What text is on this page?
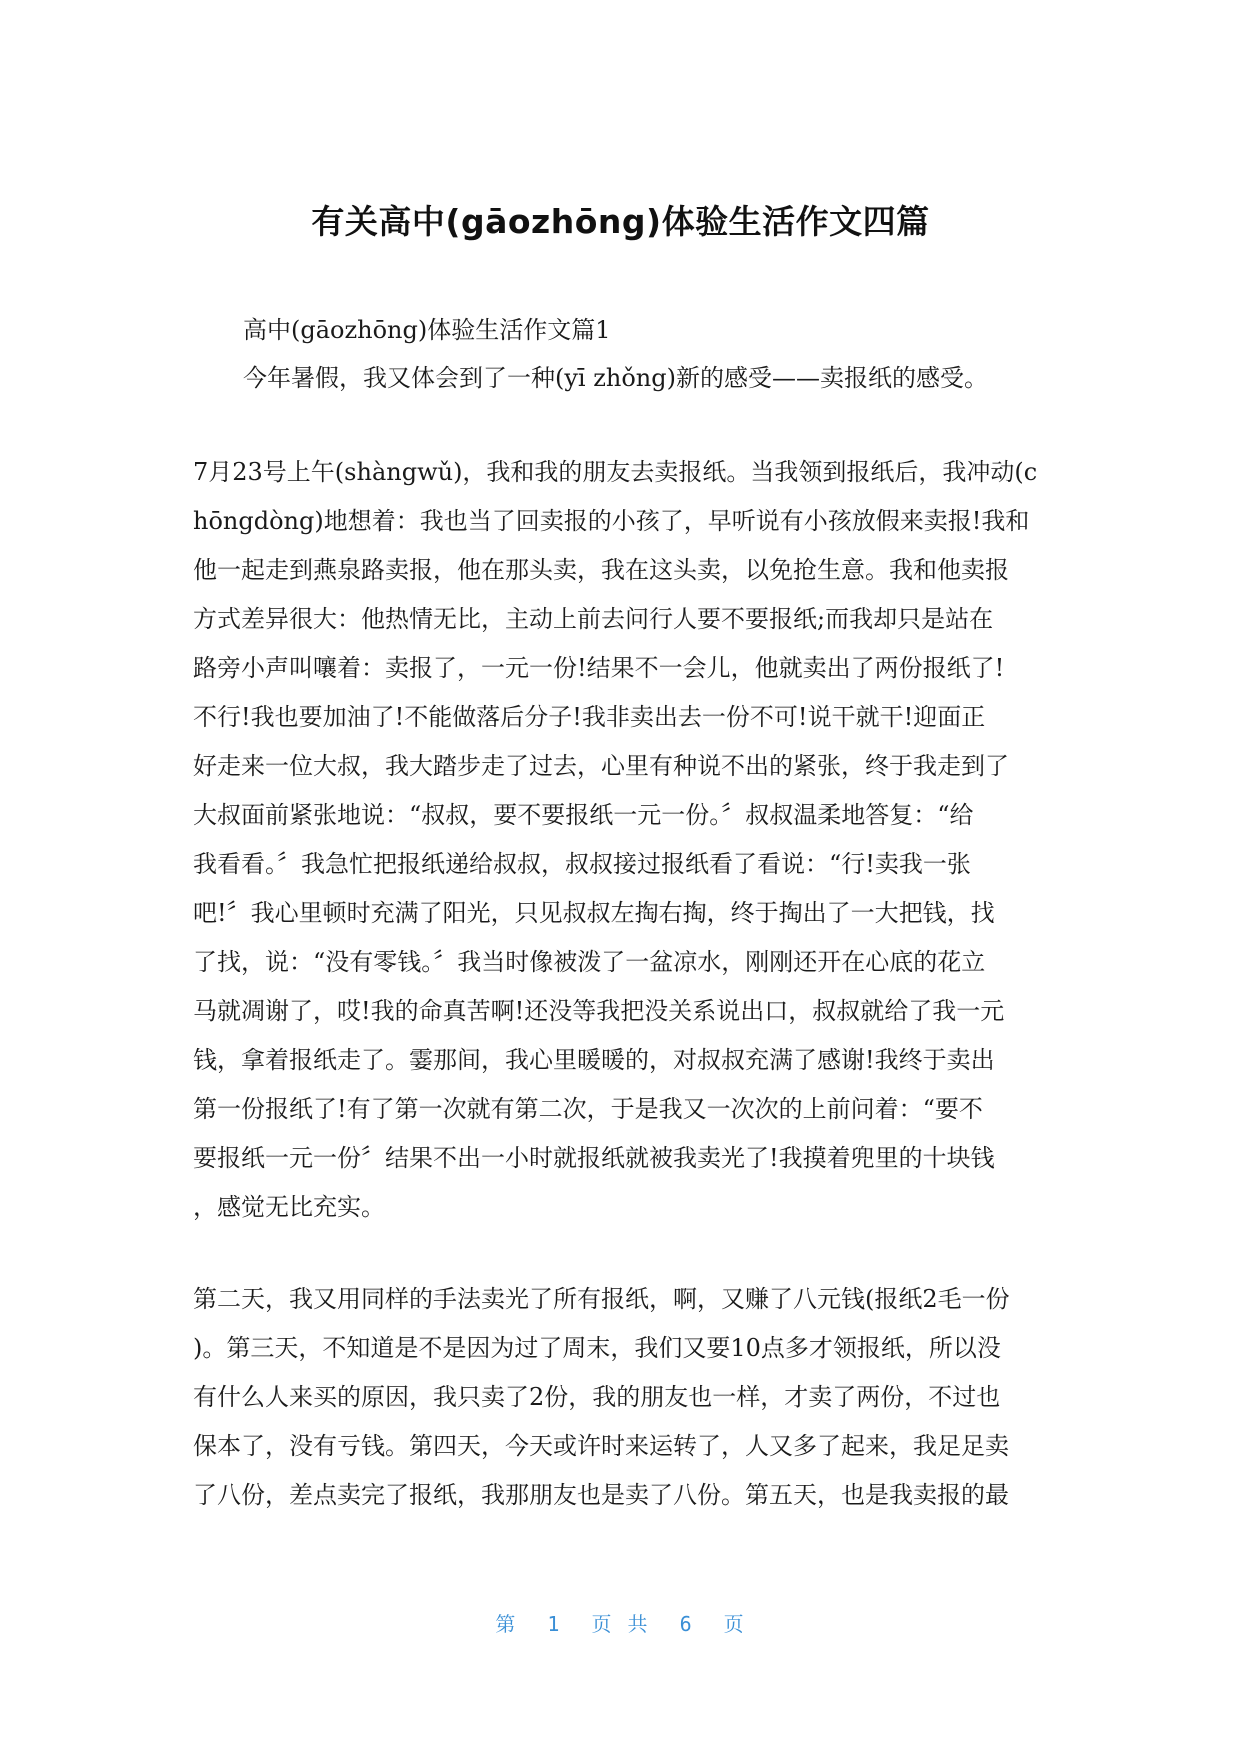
有关高中(gāozhōng)体验生活作文四篇

高中(gāozhōng)体验生活作文篇1

今年暑假，我又体会到了一种(yī zhǒng)新的感受——卖报纸的感受。

7月23号上午(shàngwǔ)，我和我的朋友去卖报纸。当我领到报纸后，我冲动(c
hōngdòng)地想着：我也当了回卖报的小孩了，早听说有小孩放假来卖报!我和
他一起走到燕泉路卖报，他在那头卖，我在这头卖，以免抢生意。我和他卖报
方式差异很大：他热情无比，主动上前去问行人要不要报纸;而我却只是站在
路旁小声叫嚷着：卖报了，一元一份!结果不一会儿，他就卖出了两份报纸了!
不行!我也要加油了!不能做落后分子!我非卖出去一份不可!说干就干!迎面正
好走来一位大叔，我大踏步走了过去，心里有种说不出的紧张，终于我走到了
大叔面前紧张地说：“叔叔，要不要报纸一元一份。〞叔叔温柔地答复：“给
我看看。〞我急忙把报纸递给叔叔，叔叔接过报纸看了看说：“行!卖我一张
吧!〞我心里顿时充满了阳光，只见叔叔左掏右掏，终于掏出了一大把钱，找
了找，说：“没有零钱。〞我当时像被泼了一盆凉水，刚刚还开在心底的花立
马就凋谢了，哎!我的命真苦啊!还没等我把没关系说出口，叔叔就给了我一元
钱，拿着报纸走了。霎那间，我心里暖暖的，对叔叔充满了感谢!我终于卖出
第一份报纸了!有了第一次就有第二次，于是我又一次次的上前问着：“要不
要报纸一元一份〞结果不出一小时就报纸就被我卖光了!我摸着兜里的十块钱
，感觉无比充实。
第二天，我又用同样的手法卖光了所有报纸，啊，又赚了八元钱(报纸2毛一份
)。第三天，不知道是不是因为过了周末，我们又要10点多才领报纸，所以没
有什么人来买的原因，我只卖了2份，我的朋友也一样，才卖了两份，不过也
保本了，没有亏钱。第四天，今天或许时来运转了，人又多了起来，我足足卖
了八份，差点卖完了报纸，我那朋友也是卖了八份。第五天，也是我卖报的最
第 1 页 共 6 页
